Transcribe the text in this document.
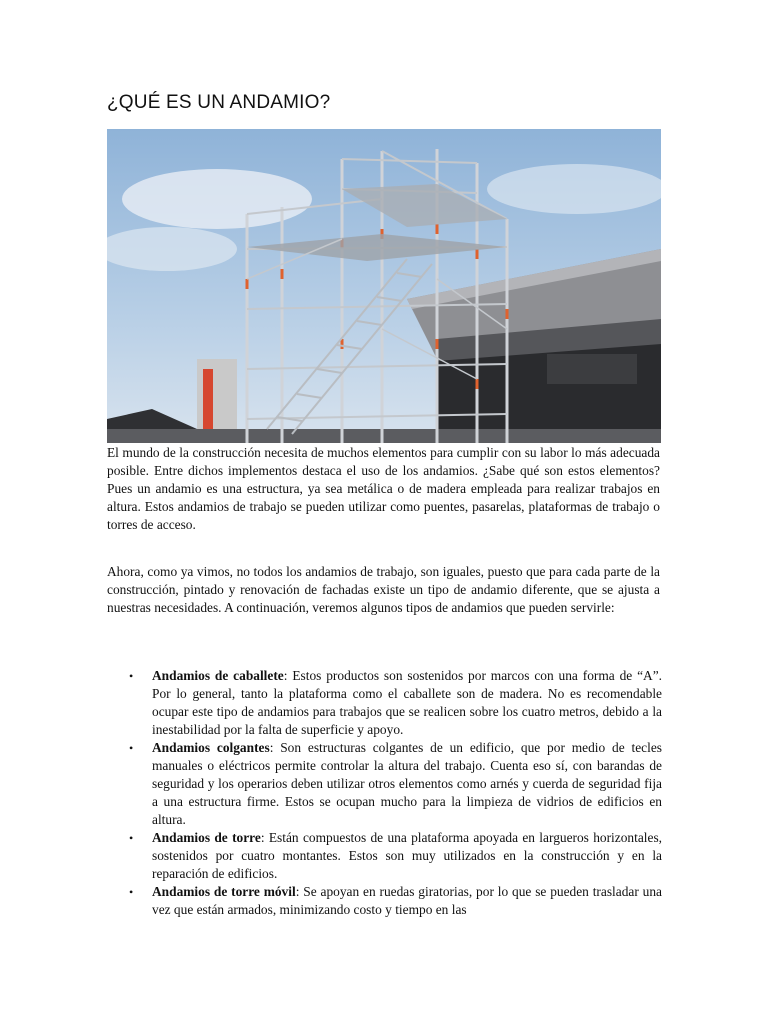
¿QUÉ ES UN ANDAMIO?

El mundo de la construcción necesita de muchos elementos para cumplir con su labor lo más adecuada posible. Entre dichos implementos destaca el uso de los andamios. ¿Sabe qué son estos elementos? Pues un andamio es una estructura, ya sea metálica o de madera empleada para realizar trabajos en altura. Estos andamios de trabajo se pueden utilizar como puentes, pasarelas, plataformas de trabajo o torres de acceso.

Ahora, como ya vimos, no todos los andamios de trabajo, son iguales, puesto que para cada parte de la construcción, pintado y renovación de fachadas existe un tipo de andamio diferente, que se ajusta a nuestras necesidades. A continuación, veremos algunos tipos de andamios que pueden servirle:

• Andamios de caballete: Estos productos son sostenidos por marcos con una forma de “A”. Por lo general, tanto la plataforma como el caballete son de madera. No es recomendable ocupar este tipo de andamios para trabajos que se realicen sobre los cuatro metros, debido a la inestabilidad por la falta de superficie y apoyo.
• Andamios colgantes: Son estructuras colgantes de un edificio, que por medio de tecles manuales o eléctricos permite controlar la altura del trabajo. Cuenta eso sí, con barandas de seguridad y los operarios deben utilizar otros elementos como arnés y cuerda de seguridad fija a una estructura firme. Estos se ocupan mucho para la limpieza de vidrios de edificios en altura.
• Andamios de torre: Están compuestos de una plataforma apoyada en largueros horizontales, sostenidos por cuatro montantes. Estos son muy utilizados en la construcción y en la reparación de edificios.
• Andamios de torre móvil: Se apoyan en ruedas giratorias, por lo que se pueden trasladar una vez que están armados, minimizando costo y tiempo en las
